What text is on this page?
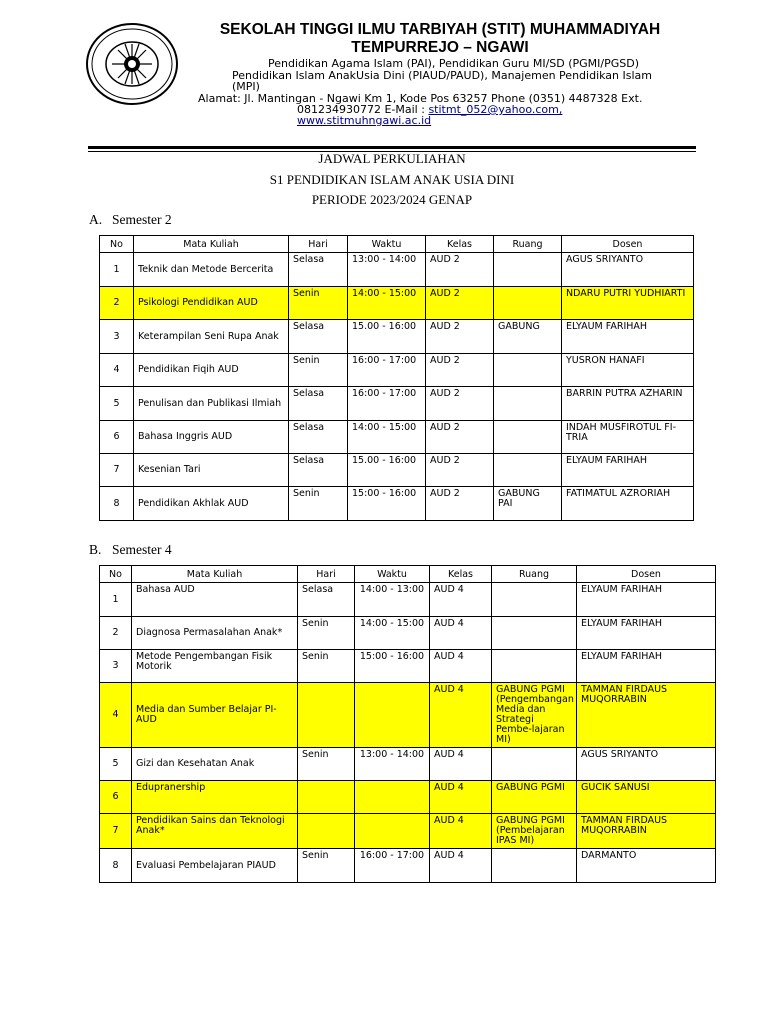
SEKOLAH TINGGI ILMU TARBIYAH (STIT) MUHAMMADIYAH
TEMPURREJO – NGAWI
Pendidikan Agama Islam (PAI), Pendidikan Guru MI/SD (PGMI/PGSD)
Pendidikan Islam AnakUsia Dini (PIAUD/PAUD), Manajemen Pendidikan Islam
(MPI)
Alamat: Jl. Mantingan - Ngawi Km 1, Kode Pos 63257 Phone (0351) 4487328 Ext.
081234930772 E-Mail : stitmt_052@yahoo.com,
www.stitmuhngawi.ac.id
JADWAL PERKULIAHAN
S1 PENDIDIKAN ISLAM ANAK USIA DINI
PERIODE 2023/2024 GENAP
A. Semester 2
No	Mata Kuliah	Hari	Waktu	Kelas	Ruang	Dosen
1	Teknik dan Metode Bercerita	Selasa	13:00 - 14:00	AUD 2		AGUS SRIYANTO
2	Psikologi Pendidikan AUD	Senin	14:00 - 15:00	AUD 2		NDARU PUTRI YUDHIARTI
3	Keterampilan Seni Rupa Anak	Selasa	15.00 - 16:00	AUD 2	GABUNG	ELYAUM FARIHAH
4	Pendidikan Fiqih AUD	Senin	16:00 - 17:00	AUD 2		YUSRON HANAFI
5	Penulisan dan Publikasi Ilmiah	Selasa	16:00 - 17:00	AUD 2		BARRIN PUTRA AZHARIN
6	Bahasa Inggris AUD	Selasa	14:00 - 15:00	AUD 2		INDAH MUSFIROTUL FI-TRIA
7	Kesenian Tari	Selasa	15.00 - 16:00	AUD 2		ELYAUM FARIHAH
8	Pendidikan Akhlak AUD	Senin	15:00 - 16:00	AUD 2	GABUNG PAI	FATIMATUL AZRORIAH
B. Semester 4
No	Mata Kuliah	Hari	Waktu	Kelas	Ruang	Dosen
1	Bahasa AUD	Selasa	14:00 - 13:00	AUD 4		ELYAUM FARIHAH
2	Diagnosa Permasalahan Anak*	Senin	14:00 - 15:00	AUD 4		ELYAUM FARIHAH
3	Metode Pengembangan Fisik Motorik	Senin	15:00 - 16:00	AUD 4		ELYAUM FARIHAH
4	Media dan Sumber Belajar PI-AUD			AUD 4	GABUNG PGMI (Pengembangan Media dan Strategi Pembe-lajaran MI)	TAMMAN FIRDAUS MUQORRABIN
5	Gizi dan Kesehatan Anak	Senin	13:00 - 14:00	AUD 4		AGUS SRIYANTO
6	Edupranership			AUD 4	GABUNG PGMI	GUCIK SANUSI
7	Pendidikan Sains dan Teknologi Anak*			AUD 4	GABUNG PGMI (Pembelajaran IPAS MI)	TAMMAN FIRDAUS MUQORRABIN
8	Evaluasi Pembelajaran PIAUD	Senin	16:00 - 17:00	AUD 4		DARMANTO
